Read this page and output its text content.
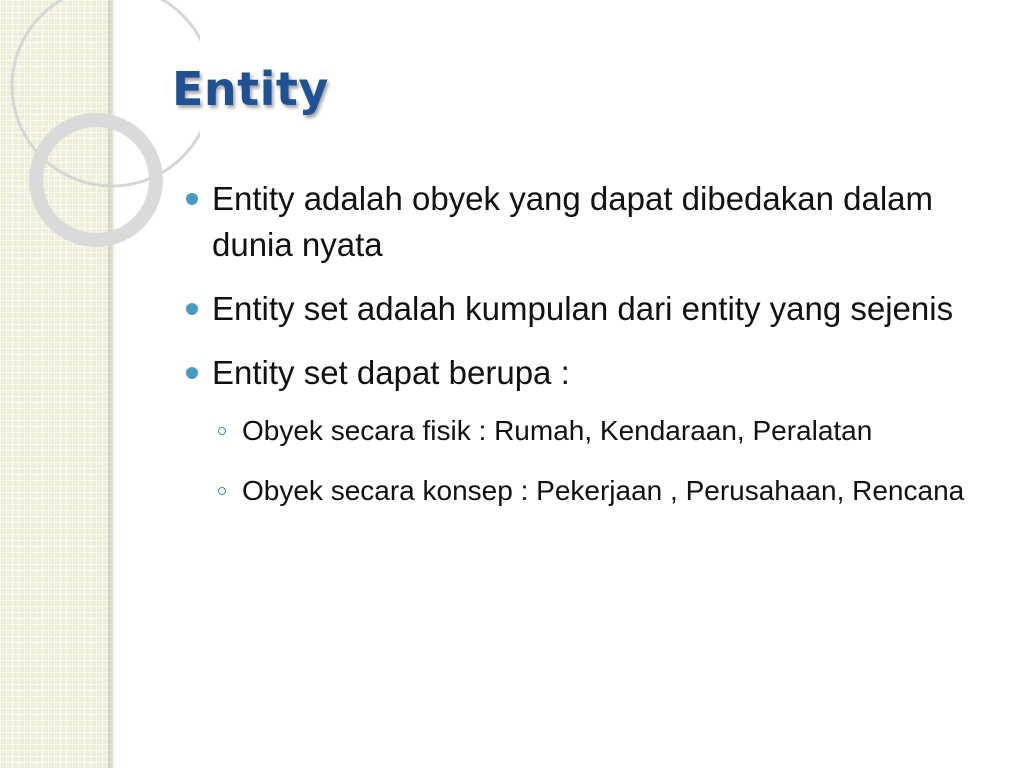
Entity
Entity adalah obyek yang dapat dibedakan dalam dunia nyata
Entity set adalah kumpulan dari entity yang sejenis
Entity set dapat berupa :
Obyek secara fisik : Rumah, Kendaraan, Peralatan
Obyek secara konsep : Pekerjaan , Perusahaan, Rencana
